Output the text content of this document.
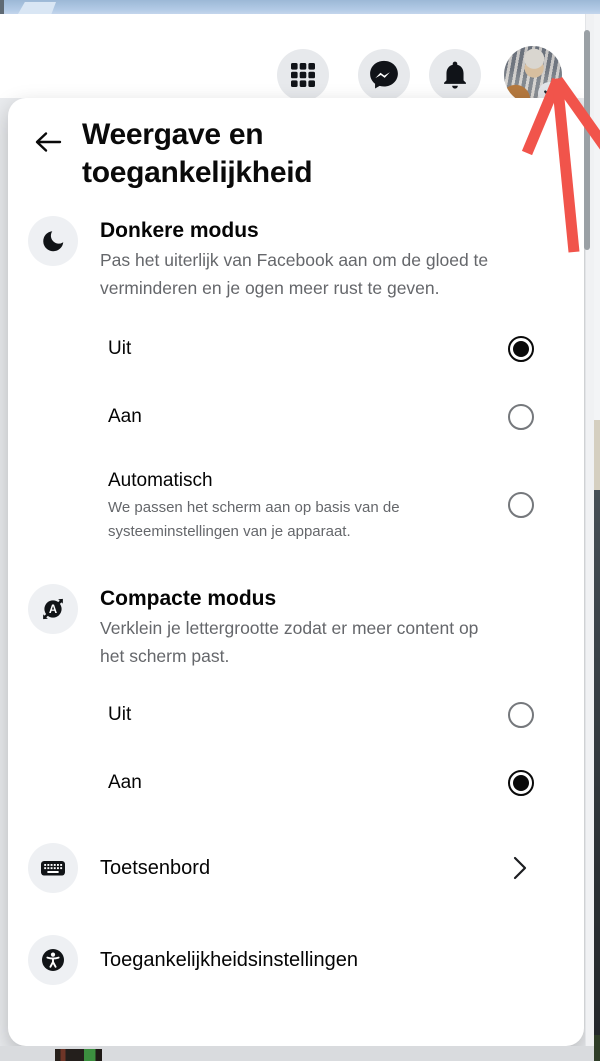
Weergave en toegankelijkheid
Donkere modus
Pas het uiterlijk van Facebook aan om de gloed te verminderen en je ogen meer rust te geven.
Uit
Aan
Automatisch
We passen het scherm aan op basis van de systeeminstellingen van je apparaat.
A
Compacte modus
Verklein je lettergrootte zodat er meer content op het scherm past.
Uit
Aan
Toetsenbord
Toegankelijkheidsinstellingen
